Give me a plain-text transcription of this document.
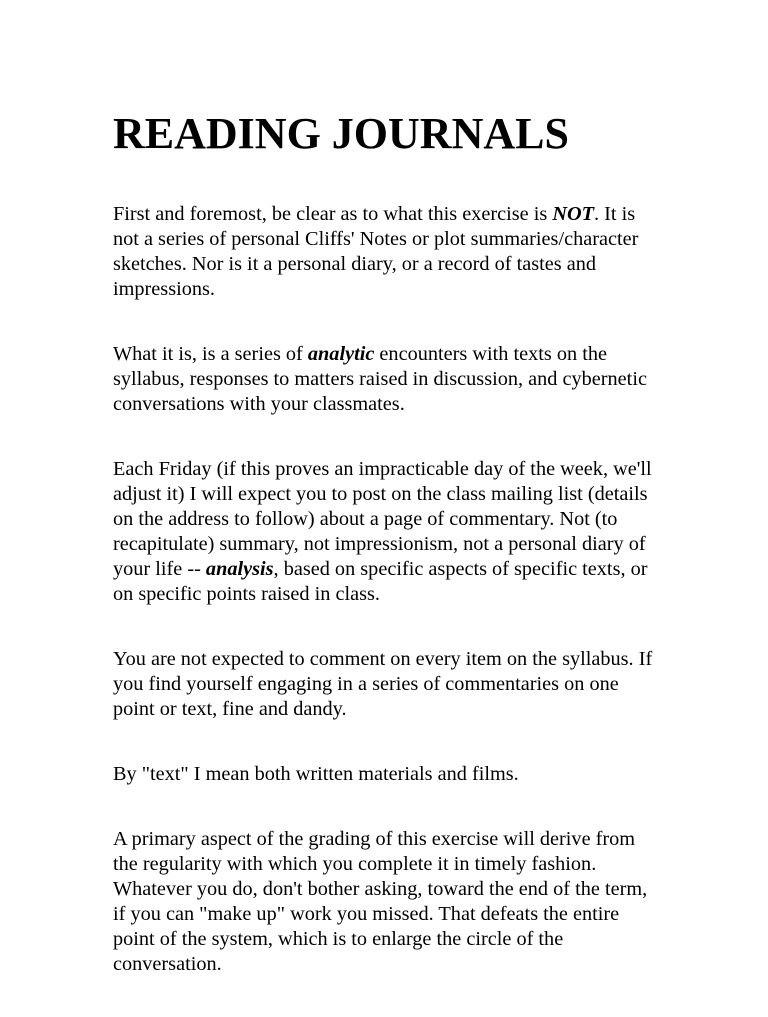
READING JOURNALS

First and foremost, be clear as to what this exercise is NOT. It is not a series of personal Cliffs' Notes or plot summaries/character sketches. Nor is it a personal diary, or a record of tastes and impressions.

What it is, is a series of analytic encounters with texts on the syllabus, responses to matters raised in discussion, and cybernetic conversations with your classmates.

Each Friday (if this proves an impracticable day of the week, we'll adjust it) I will expect you to post on the class mailing list (details on the address to follow) about a page of commentary. Not (to recapitulate) summary, not impressionism, not a personal diary of your life -- analysis, based on specific aspects of specific texts, or on specific points raised in class.

You are not expected to comment on every item on the syllabus. If you find yourself engaging in a series of commentaries on one point or text, fine and dandy.

By "text" I mean both written materials and films.

A primary aspect of the grading of this exercise will derive from the regularity with which you complete it in timely fashion. Whatever you do, don't bother asking, toward the end of the term, if you can "make up" work you missed. That defeats the entire point of the system, which is to enlarge the circle of the conversation.
